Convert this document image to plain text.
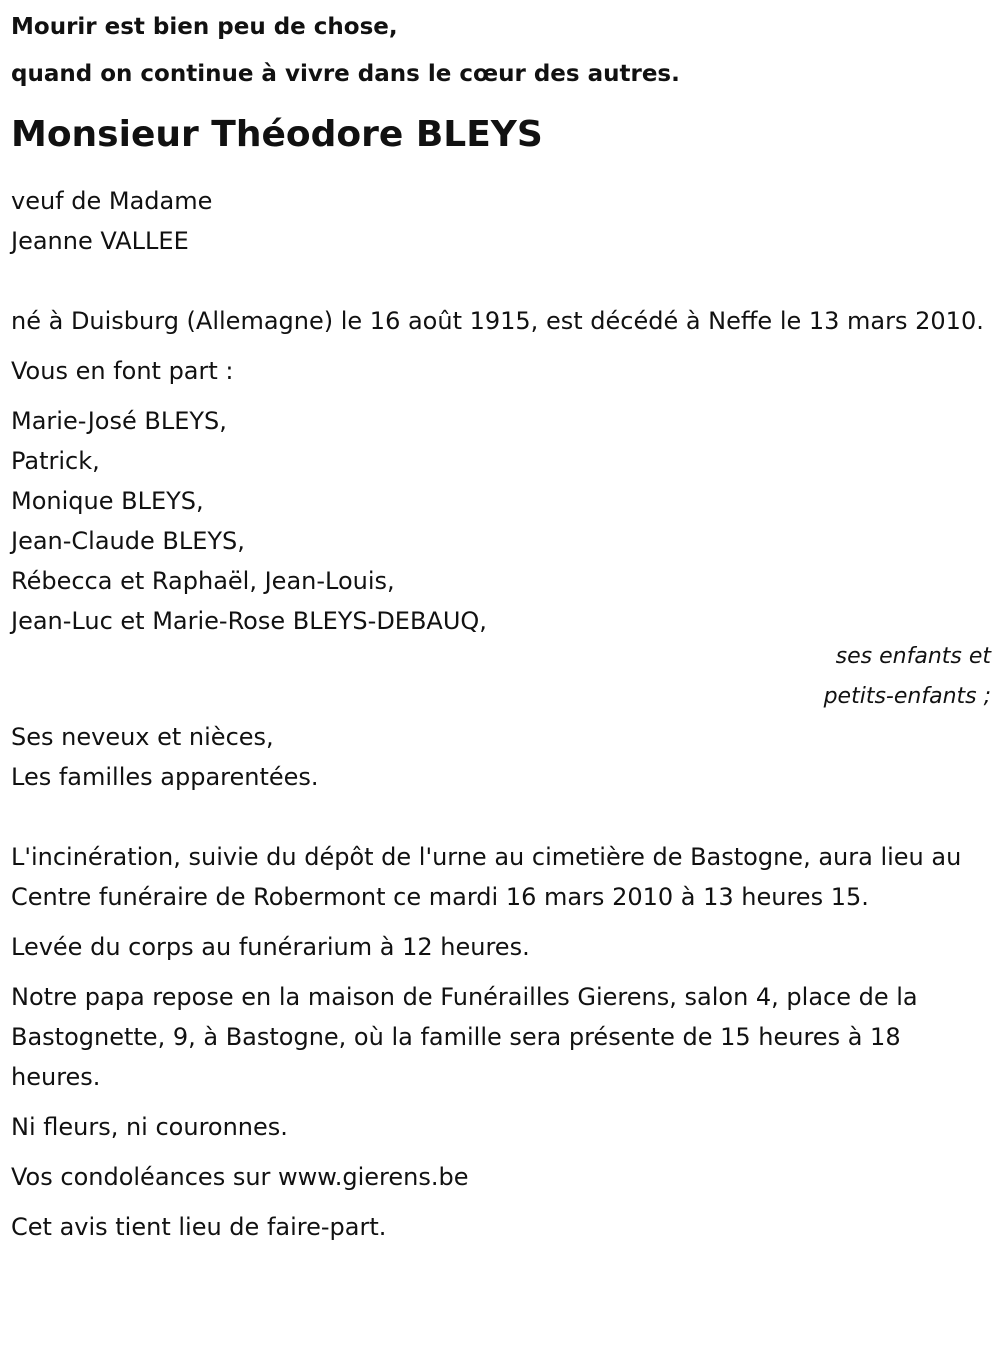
Mourir est bien peu de chose,

quand on continue à vivre dans le cœur des autres.

Monsieur Théodore BLEYS

veuf de Madame

Jeanne VALLEE

né à Duisburg (Allemagne) le 16 août 1915, est décédé à Neffe le 13 mars 2010.

Vous en font part :

Marie-José BLEYS,

Patrick,

Monique BLEYS,

Jean-Claude BLEYS,

Rébecca et Raphaël, Jean-Louis,

Jean-Luc et Marie-Rose BLEYS-DEBAUQ,

ses enfants et

petits-enfants ;

Ses neveux et nièces,

Les familles apparentées.

L'incinération, suivie du dépôt de l'urne au cimetière de Bastogne, aura lieu au Centre funéraire de Robermont ce mardi 16 mars 2010 à 13 heures 15.

Levée du corps au funérarium à 12 heures.

Notre papa repose en la maison de Funérailles Gierens, salon 4, place de la Bastognette, 9, à Bastogne, où la famille sera présente de 15 heures à 18 heures.

Ni fleurs, ni couronnes.

Vos condoléances sur www.gierens.be

Cet avis tient lieu de faire-part.
